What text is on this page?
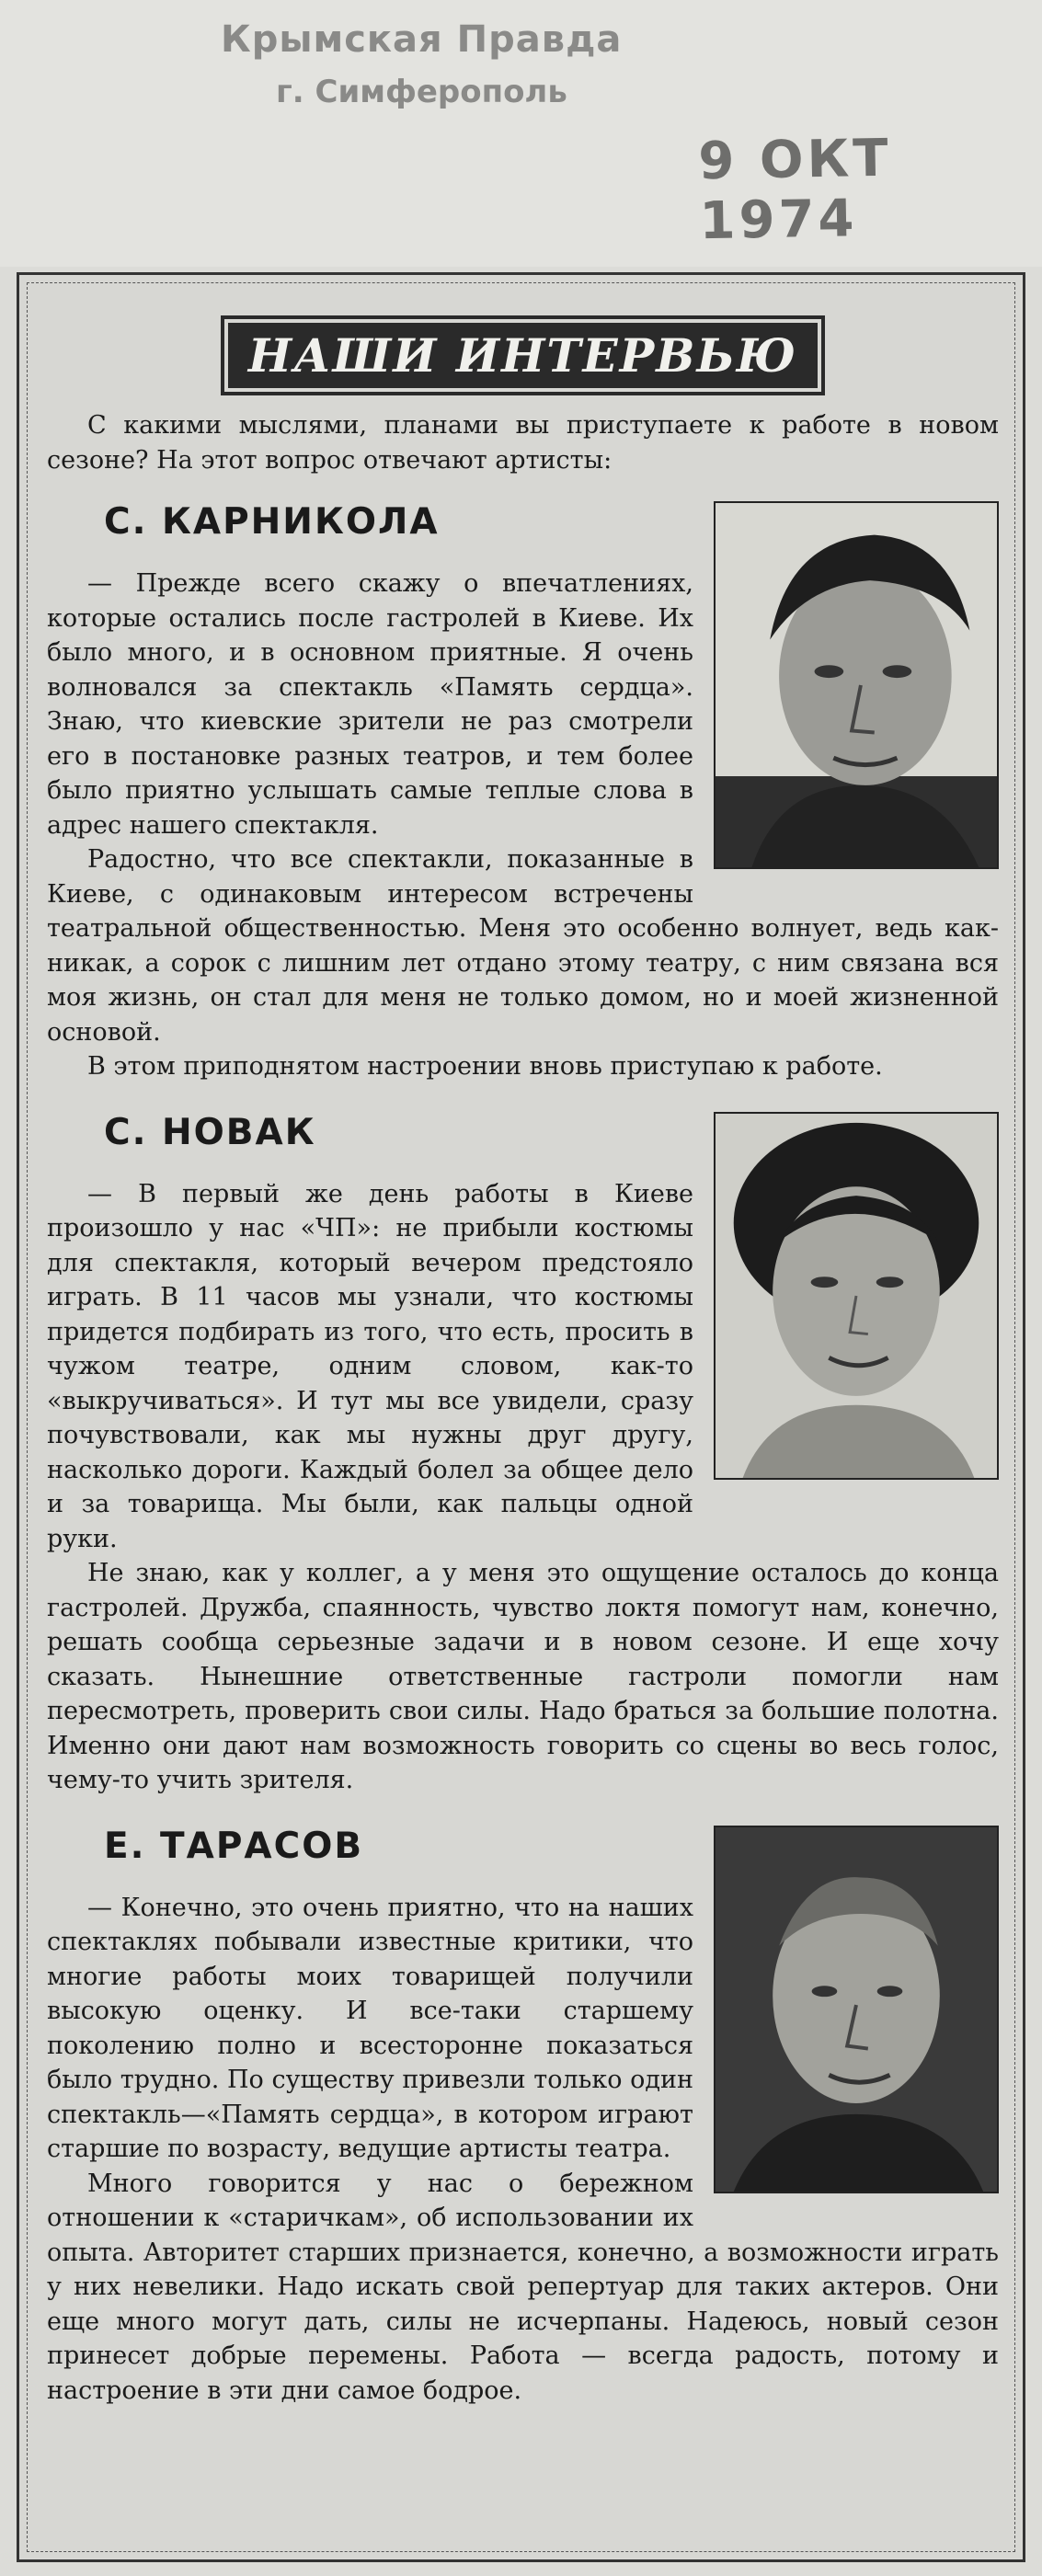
Крымская Правда
г. Симферополь
9 ОКТ 1974
НАШИ ИНТЕРВЬЮ

С какими мыслями, планами вы приступаете к работе в новом сезоне? На этот вопрос отвечают артисты:

С. КАРНИКОЛА

— Прежде всего скажу о впечатлениях, которые остались после гастролей в Киеве. Их было много, и в основном приятные. Я очень волновался за спектакль «Память сердца». Знаю, что киевские зрители не раз смотрели его в постановке разных театров, и тем более было приятно услышать самые теплые слова в адрес нашего спектакля.

Радостно, что все спектакли, показанные в Киеве, с одинаковым интересом встречены театральной общественностью. Меня это особенно волнует, ведь как-никак, а сорок с лишним лет отдано этому театру, с ним связана вся моя жизнь, он стал для меня не только домом, но и моей жизненной основой.

В этом приподнятом настроении вновь приступаю к работе.

С. НОВАК

— В первый же день работы в Киеве произошло у нас «ЧП»: не прибыли костюмы для спектакля, который вечером предстояло играть. В 11 часов мы узнали, что костюмы придется подбирать из того, что есть, просить в чужом театре, одним словом, как-то «выкручиваться». И тут мы все увидели, сразу почувствовали, как мы нужны друг другу, насколько дороги. Каждый болел за общее дело и за товарища. Мы были, как пальцы одной руки.

Не знаю, как у коллег, а у меня это ощущение осталось до конца гастролей. Дружба, спаянность, чувство локтя помогут нам, конечно, решать сообща серьезные задачи и в новом сезоне. И еще хочу сказать. Нынешние ответственные гастроли помогли нам пересмотреть, проверить свои силы. Надо браться за большие полотна. Именно они дают нам возможность говорить со сцены во весь голос, чему-то учить зрителя.

Е. ТАРАСОВ

— Конечно, это очень приятно, что на наших спектаклях побывали известные критики, что многие работы моих товарищей получили высокую оценку. И все-таки старшему поколению полно и всесторонне показаться было трудно. По существу привезли только один спектакль—«Память сердца», в котором играют старшие по возрасту, ведущие артисты театра.

Много говорится у нас о бережном отношении к «старичкам», об использовании их опыта. Авторитет старших признается, конечно, а возможности играть у них невелики. Надо искать свой репертуар для таких актеров. Они еще много могут дать, силы не исчерпаны. Надеюсь, новый сезон принесет добрые перемены. Работа — всегда радость, потому и настроение в эти дни самое бодрое.
